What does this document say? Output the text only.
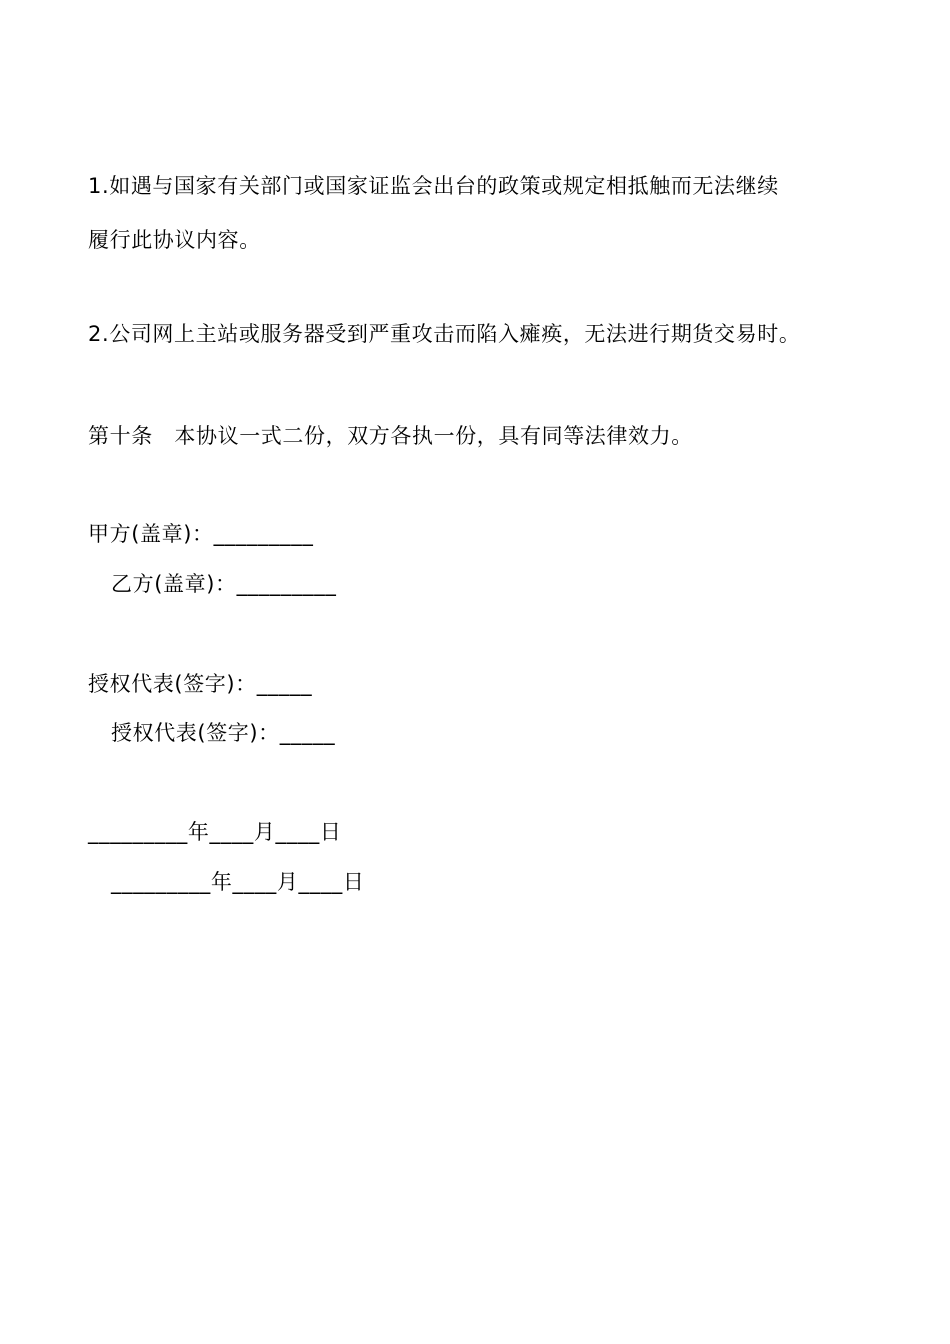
1.如遇与国家有关部门或国家证监会出台的政策或规定相抵触而无法继续
履行此协议内容。
2.公司网上主站或服务器受到严重攻击而陷入瘫痪，无法进行期货交易时。
第十条　本协议一式二份，双方各执一份，具有同等法律效力。
甲方(盖章)：_________
乙方(盖章)：_________
授权代表(签字)：_____
授权代表(签字)：_____
_________年____月____日
_________年____月____日
